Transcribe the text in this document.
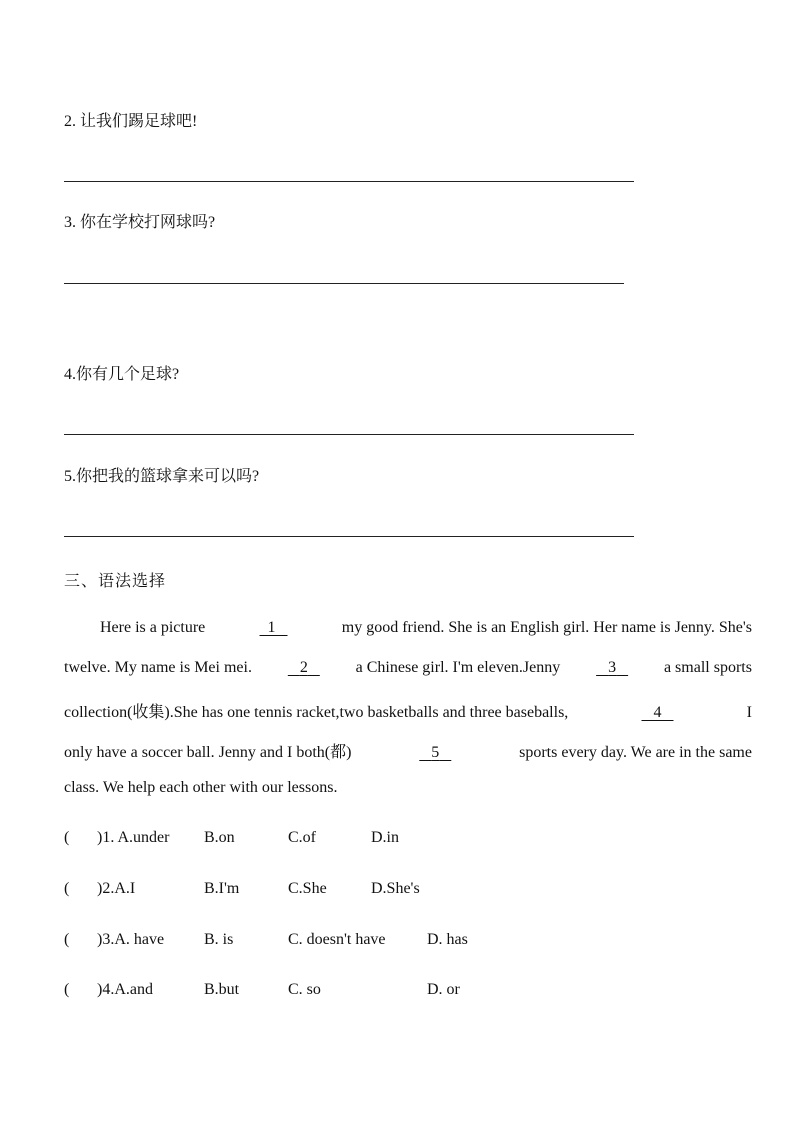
2. 让我们踢足球吧!
3. 你在学校打网球吗?
4.你有几个足球?
5.你把我的篮球拿来可以吗?
三、语法选择
Here is a picture	1	my good friend. She is an English girl. Her name is Jenny. She's
twelve. My name is Mei mei.	2	a Chinese girl. I'm eleven.Jenny	3	a small sports
collection(收集).She has one tennis racket,two basketballs and three baseballs,	4	I
only have a soccer ball. Jenny and I both(都)	5	sports every day. We are in the same
class. We help each other with our lessons.
( )1. A.under B.on	C.of	D.in
( )2.A.I	B.I'm	C.She	D.She's
( )3.A. have B. is	C. doesn't have	D. has
( )4.A.and	B.but	C. so	D. or
